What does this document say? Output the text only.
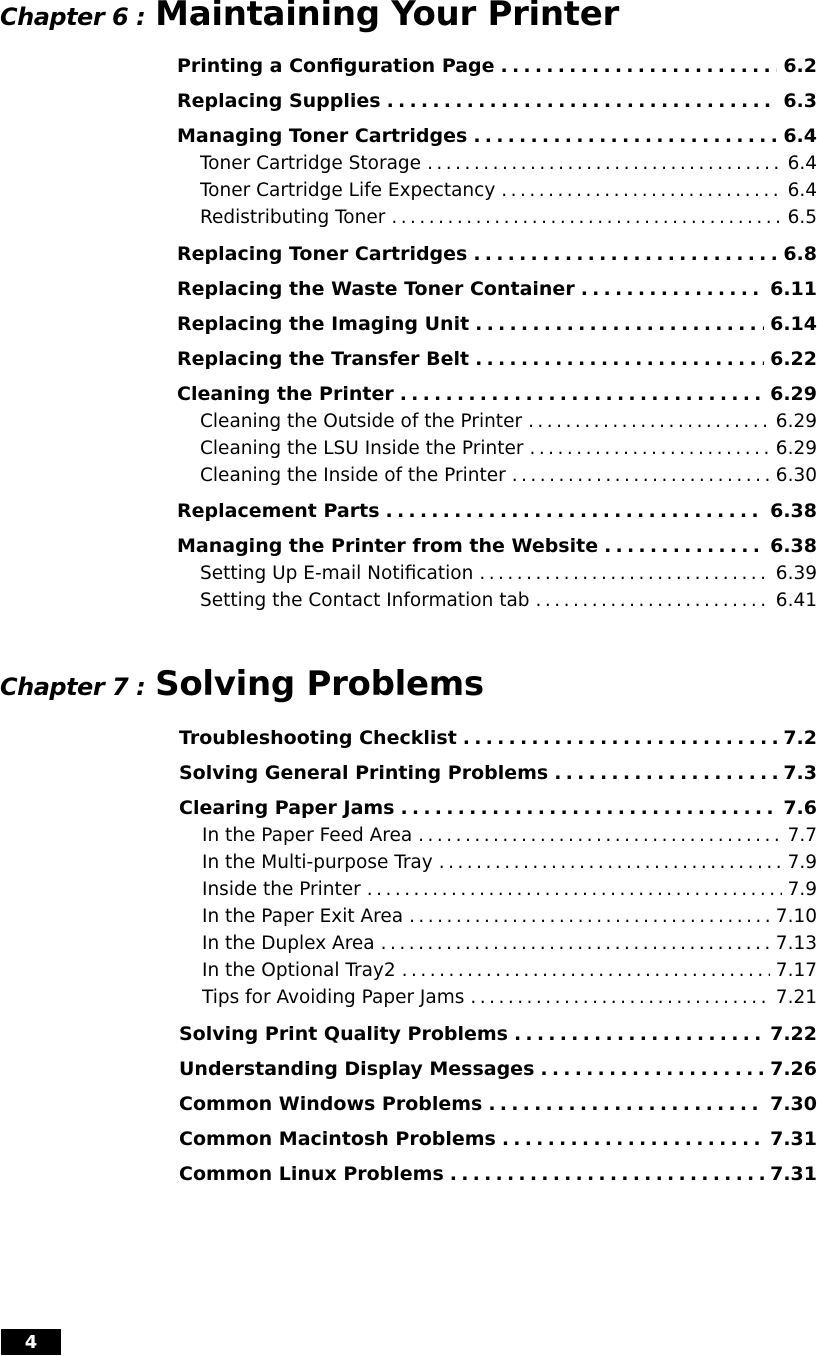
Chapter 6 : Maintaining Your Printer
Printing a Configuration Page . . .	6.2
Replacing Supplies . . .	6.3
Managing Toner Cartridges . . .	6.4
Toner Cartridge Storage . . .	6.4
Toner Cartridge Life Expectancy . . .	6.4
Redistributing Toner . . .	6.5
Replacing Toner Cartridges . . .	6.8
Replacing the Waste Toner Container . . .	6.11
Replacing the Imaging Unit . . .	6.14
Replacing the Transfer Belt . . .	6.22
Cleaning the Printer . . .	6.29
Cleaning the Outside of the Printer . . .	6.29
Cleaning the LSU Inside the Printer . . .	6.29
Cleaning the Inside of the Printer . . .	6.30
Replacement Parts . . .	6.38
Managing the Printer from the Website . . .	6.38
Setting Up E-mail Notification . . .	6.39
Setting the Contact Information tab . . .	6.41
Chapter 7 : Solving Problems
Troubleshooting Checklist . . .	7.2
Solving General Printing Problems . . .	7.3
Clearing Paper Jams . . .	7.6
In the Paper Feed Area . . .	7.7
In the Multi-purpose Tray . . .	7.9
Inside the Printer . . .	7.9
In the Paper Exit Area . . .	7.10
In the Duplex Area . . .	7.13
In the Optional Tray2 . . .	7.17
Tips for Avoiding Paper Jams . . .	7.21
Solving Print Quality Problems . . .	7.22
Understanding Display Messages . . .	7.26
Common Windows Problems . . .	7.30
Common Macintosh Problems . . .	7.31
Common Linux Problems . . .	7.31
4
